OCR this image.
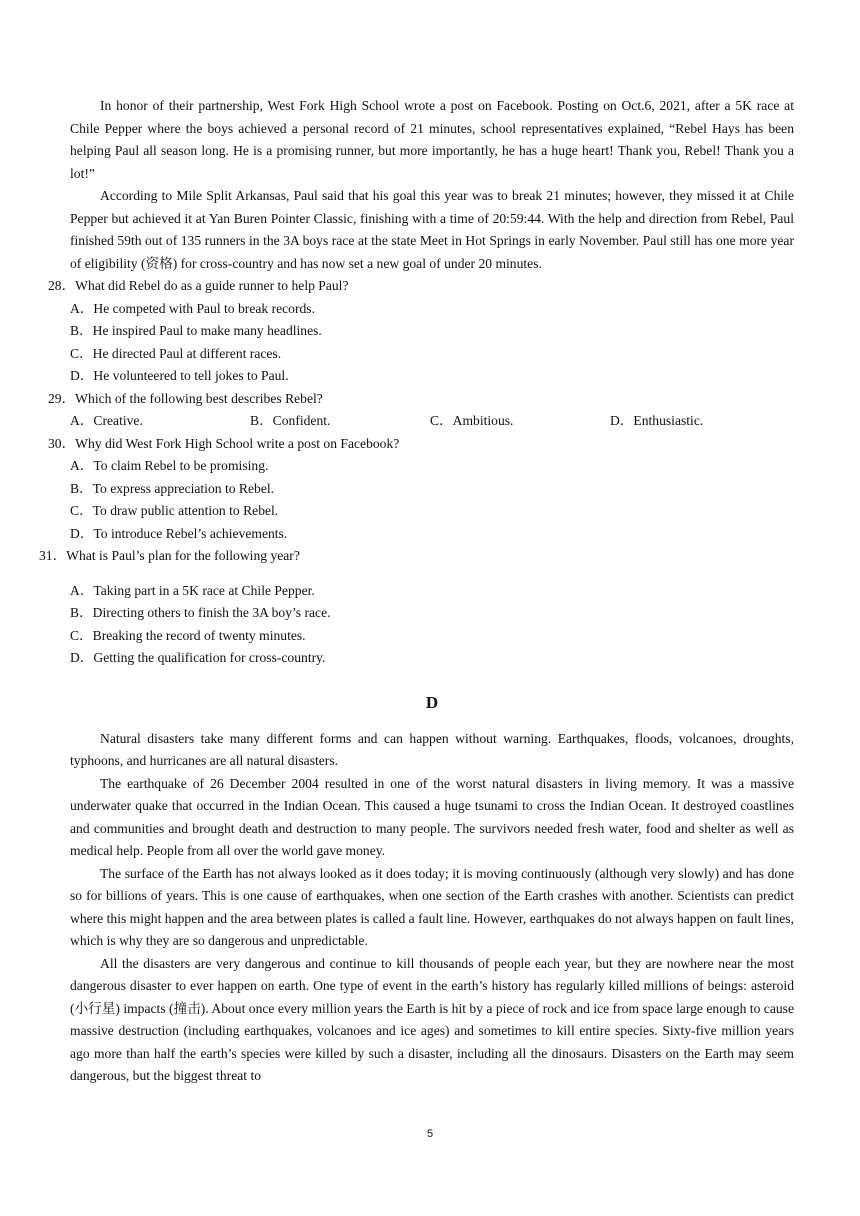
In honor of their partnership, West Fork High School wrote a post on Facebook. Posting on Oct.6, 2021, after a 5K race at Chile Pepper where the boys achieved a personal record of 21 minutes, school representatives explained, “Rebel Hays has been helping Paul all season long. He is a promising runner, but more importantly, he has a huge heart! Thank you, Rebel! Thank you a lot!”

According to Mile Split Arkansas, Paul said that his goal this year was to break 21 minutes; however, they missed it at Chile Pepper but achieved it at Yan Buren Pointer Classic, finishing with a time of 20:59:44. With the help and direction from Rebel, Paul finished 59th out of 135 runners in the 3A boys race at the state Meet in Hot Springs in early November. Paul still has one more year of eligibility (资格) for cross-country and has now set a new goal of under 20 minutes.

28．What did Rebel do as a guide runner to help Paul?

A．He competed with Paul to break records.

B．He inspired Paul to make many headlines.

C．He directed Paul at different races.

D．He volunteered to tell jokes to Paul.

29．Which of the following best describes Rebel?

A．Creative.	B．Confident.	C．Ambitious.	D．Enthusiastic.

30．Why did West Fork High School write a post on Facebook?

A．To claim Rebel to be promising.

B．To express appreciation to Rebel.

C．To draw public attention to Rebel.

D．To introduce Rebel’s achievements.

31．What is Paul’s plan for the following year?

A．Taking part in a 5K race at Chile Pepper.

B．Directing others to finish the 3A boy’s race.

C．Breaking the record of twenty minutes.

D．Getting the qualification for cross-country.

D

Natural disasters take many different forms and can happen without warning. Earthquakes, floods, volcanoes, droughts, typhoons, and hurricanes are all natural disasters.

The earthquake of 26 December 2004 resulted in one of the worst natural disasters in living memory. It was a massive underwater quake that occurred in the Indian Ocean. This caused a huge tsunami to cross the Indian Ocean. It destroyed coastlines and communities and brought death and destruction to many people. The survivors needed fresh water, food and shelter as well as medical help. People from all over the world gave money.

The surface of the Earth has not always looked as it does today; it is moving continuously (although very slowly) and has done so for billions of years. This is one cause of earthquakes, when one section of the Earth crashes with another. Scientists can predict where this might happen and the area between plates is called a fault line. However, earthquakes do not always happen on fault lines, which is why they are so dangerous and unpredictable.

All the disasters are very dangerous and continue to kill thousands of people each year, but they are nowhere near the most dangerous disaster to ever happen on earth. One type of event in the earth’s history has regularly killed millions of beings: asteroid (小行星) impacts (撞击). About once every million years the Earth is hit by a piece of rock and ice from space large enough to cause massive destruction (including earthquakes, volcanoes and ice ages) and sometimes to kill entire species. Sixty-five million years ago more than half the earth’s species were killed by such a disaster, including all the dinosaurs. Disasters on the Earth may seem dangerous, but the biggest threat to

5
